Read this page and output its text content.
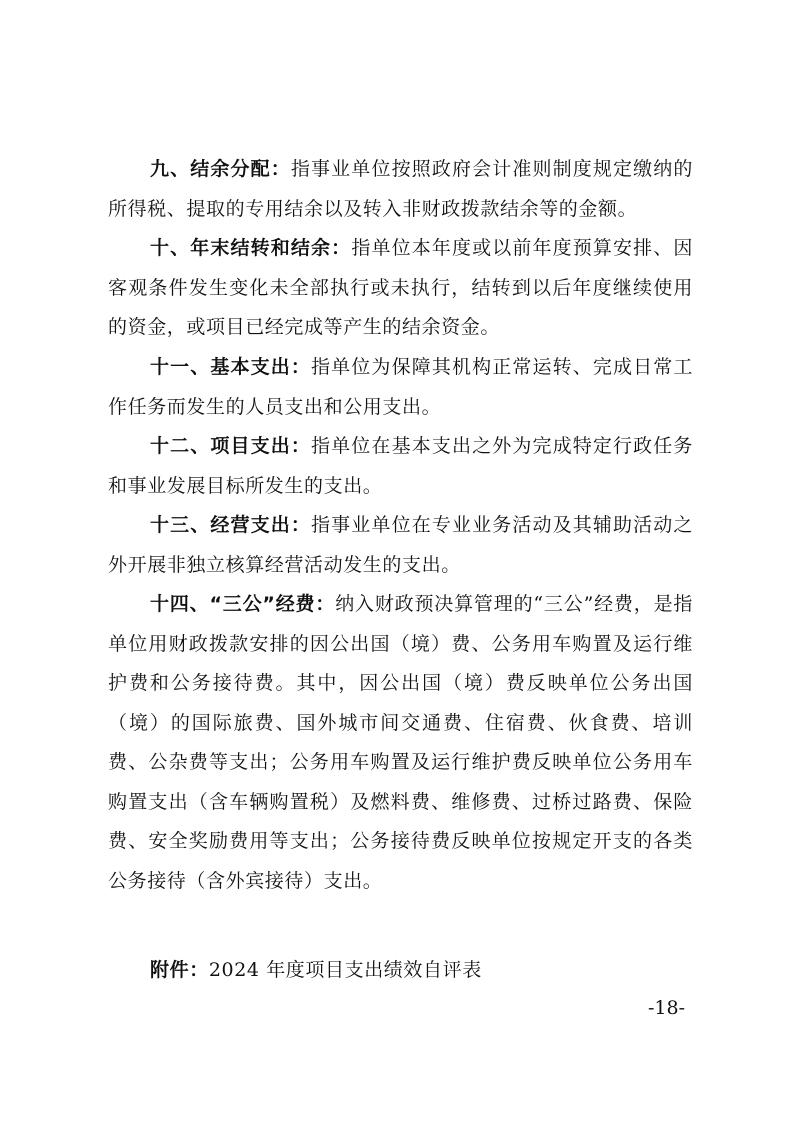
九、结余分配：指事业单位按照政府会计准则制度规定缴纳的所得税、提取的专用结余以及转入非财政拨款结余等的金额。

十、年末结转和结余：指单位本年度或以前年度预算安排、因客观条件发生变化未全部执行或未执行，结转到以后年度继续使用的资金，或项目已经完成等产生的结余资金。

十一、基本支出：指单位为保障其机构正常运转、完成日常工作任务而发生的人员支出和公用支出。

十二、项目支出：指单位在基本支出之外为完成特定行政任务和事业发展目标所发生的支出。

十三、经营支出：指事业单位在专业业务活动及其辅助活动之外开展非独立核算经营活动发生的支出。

十四、“三公”经费：纳入财政预决算管理的“三公”经费，是指单位用财政拨款安排的因公出国（境）费、公务用车购置及运行维护费和公务接待费。其中，因公出国（境）费反映单位公务出国（境）的国际旅费、国外城市间交通费、住宿费、伙食费、培训费、公杂费等支出；公务用车购置及运行维护费反映单位公务用车购置支出（含车辆购置税）及燃料费、维修费、过桥过路费、保险费、安全奖励费用等支出；公务接待费反映单位按规定开支的各类公务接待（含外宾接待）支出。

附件：2024 年度项目支出绩效自评表
-18-
